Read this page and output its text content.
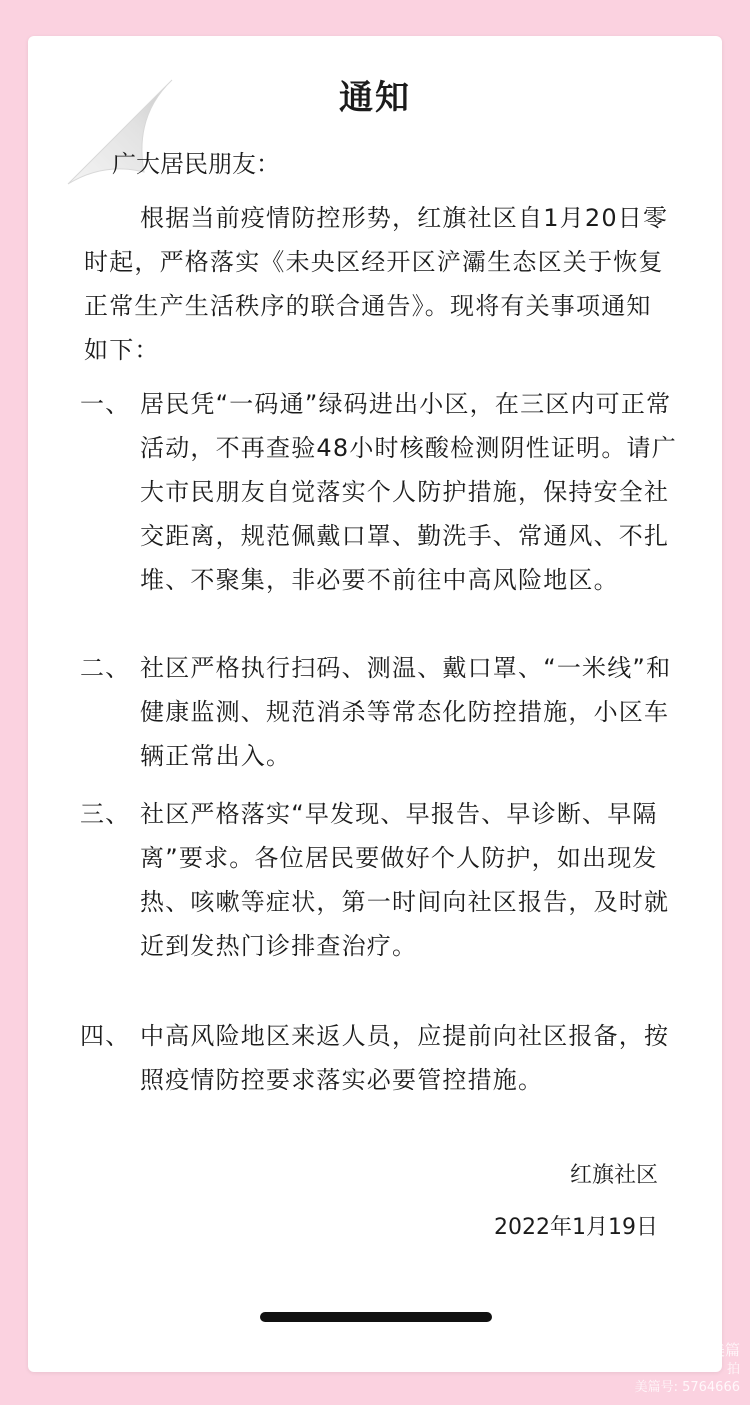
通知
广大居民朋友：
根据当前疫情防控形势，红旗社区自1月20日零时起，严格落实《未央区经开区浐灞生态区关于恢复正常生产生活秩序的联合通告》。现将有关事项通知如下：
一、 居民凭“一码通”绿码进出小区，在三区内可正常活动，不再查验48小时核酸检测阴性证明。请广大市民朋友自觉落实个人防护措施，保持安全社交距离，规范佩戴口罩、勤洗手、常通风、不扎堆、不聚集，非必要不前往中高风险地区。
二、 社区严格执行扫码、测温、戴口罩、“一米线”和健康监测、规范消杀等常态化防控措施，小区车辆正常出入。
三、 社区严格落实“早发现、早报告、早诊断、早隔离”要求。各位居民要做好个人防护，如出现发热、咳嗽等症状，第一时间向社区报告，及时就近到发热门诊排查治疗。
四、 中高风险地区来返人员，应提前向社区报备，按照疫情防控要求落实必要管控措施。
红旗社区
2022年1月19日
美篇
拍
美篇号: 5764666
